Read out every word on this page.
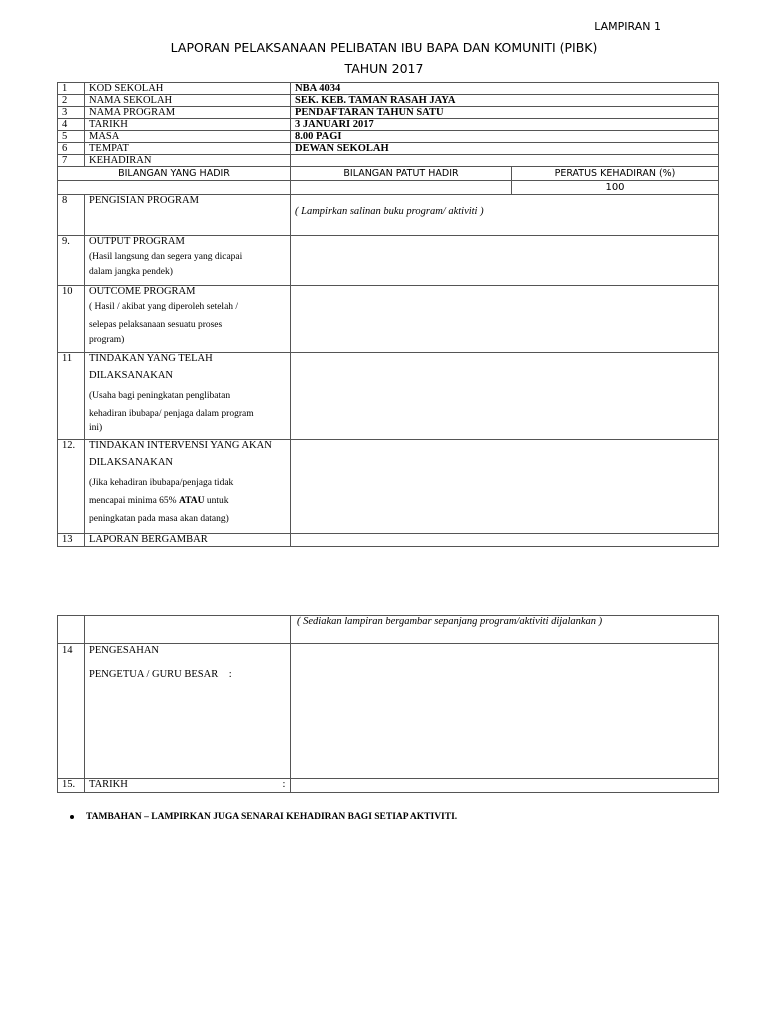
LAMPIRAN 1
LAPORAN PELAKSANAAN PELIBATAN IBU BAPA DAN KOMUNITI (PIBK)
TAHUN 2017
1	KOD SEKOLAH	NBA 4034	
2	NAMA SEKOLAH	SEK. KEB. TAMAN RASAH JAYA	
3	NAMA PROGRAM	PENDAFTARAN TAHUN SATU	
4	TARIKH	3 JANUARI 2017	
5	MASA	8.00 PAGI	
6	TEMPAT	DEWAN SEKOLAH	
7	KEHADIRAN		
BILANGAN YANG HADIR		BILANGAN PATUT HADIR	PERATUS KEHADIRAN (%)
			100
8	PENGISIAN PROGRAM	( Lampirkan salinan buku program/ aktiviti )	
9.	OUTPUT PROGRAM
(Hasil langsung dan segera yang dicapai
dalam jangka pendek)		

10	OUTCOME PROGRAM
( Hasil / akibat yang diperoleh setelah /
selepas pelaksanaan sesuatu proses
program)		

11	TINDAKAN YANG TELAH
DILAKSANAKAN
(Usaha bagi peningkatan penglibatan
kehadiran ibubapa/ penjaga dalam program
ini)		

12.	TINDAKAN INTERVENSI YANG AKAN
DILAKSANAKAN
(Jika kehadiran ibubapa/penjaga tidak
mencapai minima 65% ATAU untuk
peningkatan pada masa akan datang)		

13	LAPORAN BERGAMBAR		
		( Sediakan lampiran bergambar sepanjang program/aktiviti dijalankan )
14	PENGESAHAN
PENGETUA / GURU BESAR :	

15.	TARIKH :	

TAMBAHAN – LAMPIRKAN JUGA SENARAI KEHADIRAN BAGI SETIAP AKTIVITI.
